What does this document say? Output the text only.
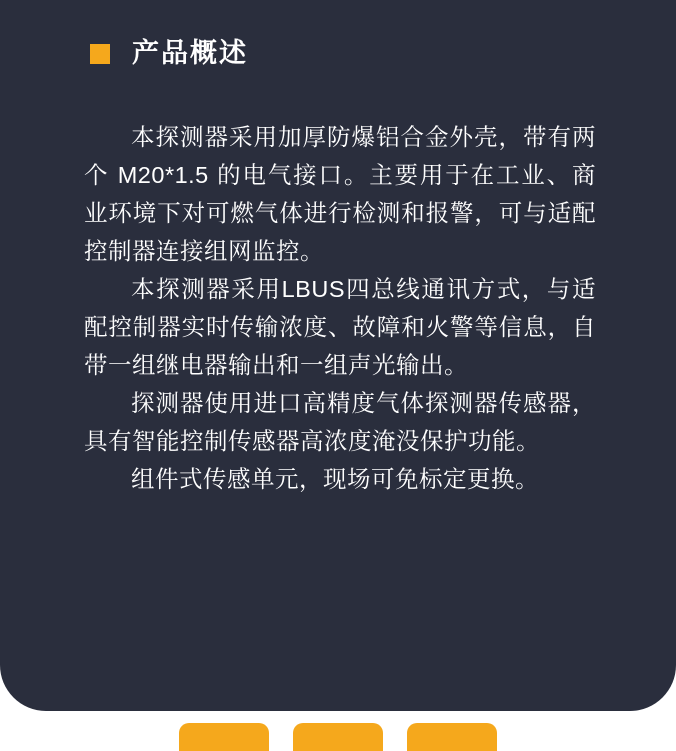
产品概述

本探测器采用加厚防爆铝合金外壳，带有两个 M20*1.5 的电气接口。主要用于在工业、商业环境下对可燃气体进行检测和报警，可与适配控制器连接组网监控。

本探测器采用LBUS四总线通讯方式，与适配控制器实时传输浓度、故障和火警等信息，自带一组继电器输出和一组声光输出。

探测器使用进口高精度气体探测器传感器，具有智能控制传感器高浓度淹没保护功能。

组件式传感单元，现场可免标定更换。
